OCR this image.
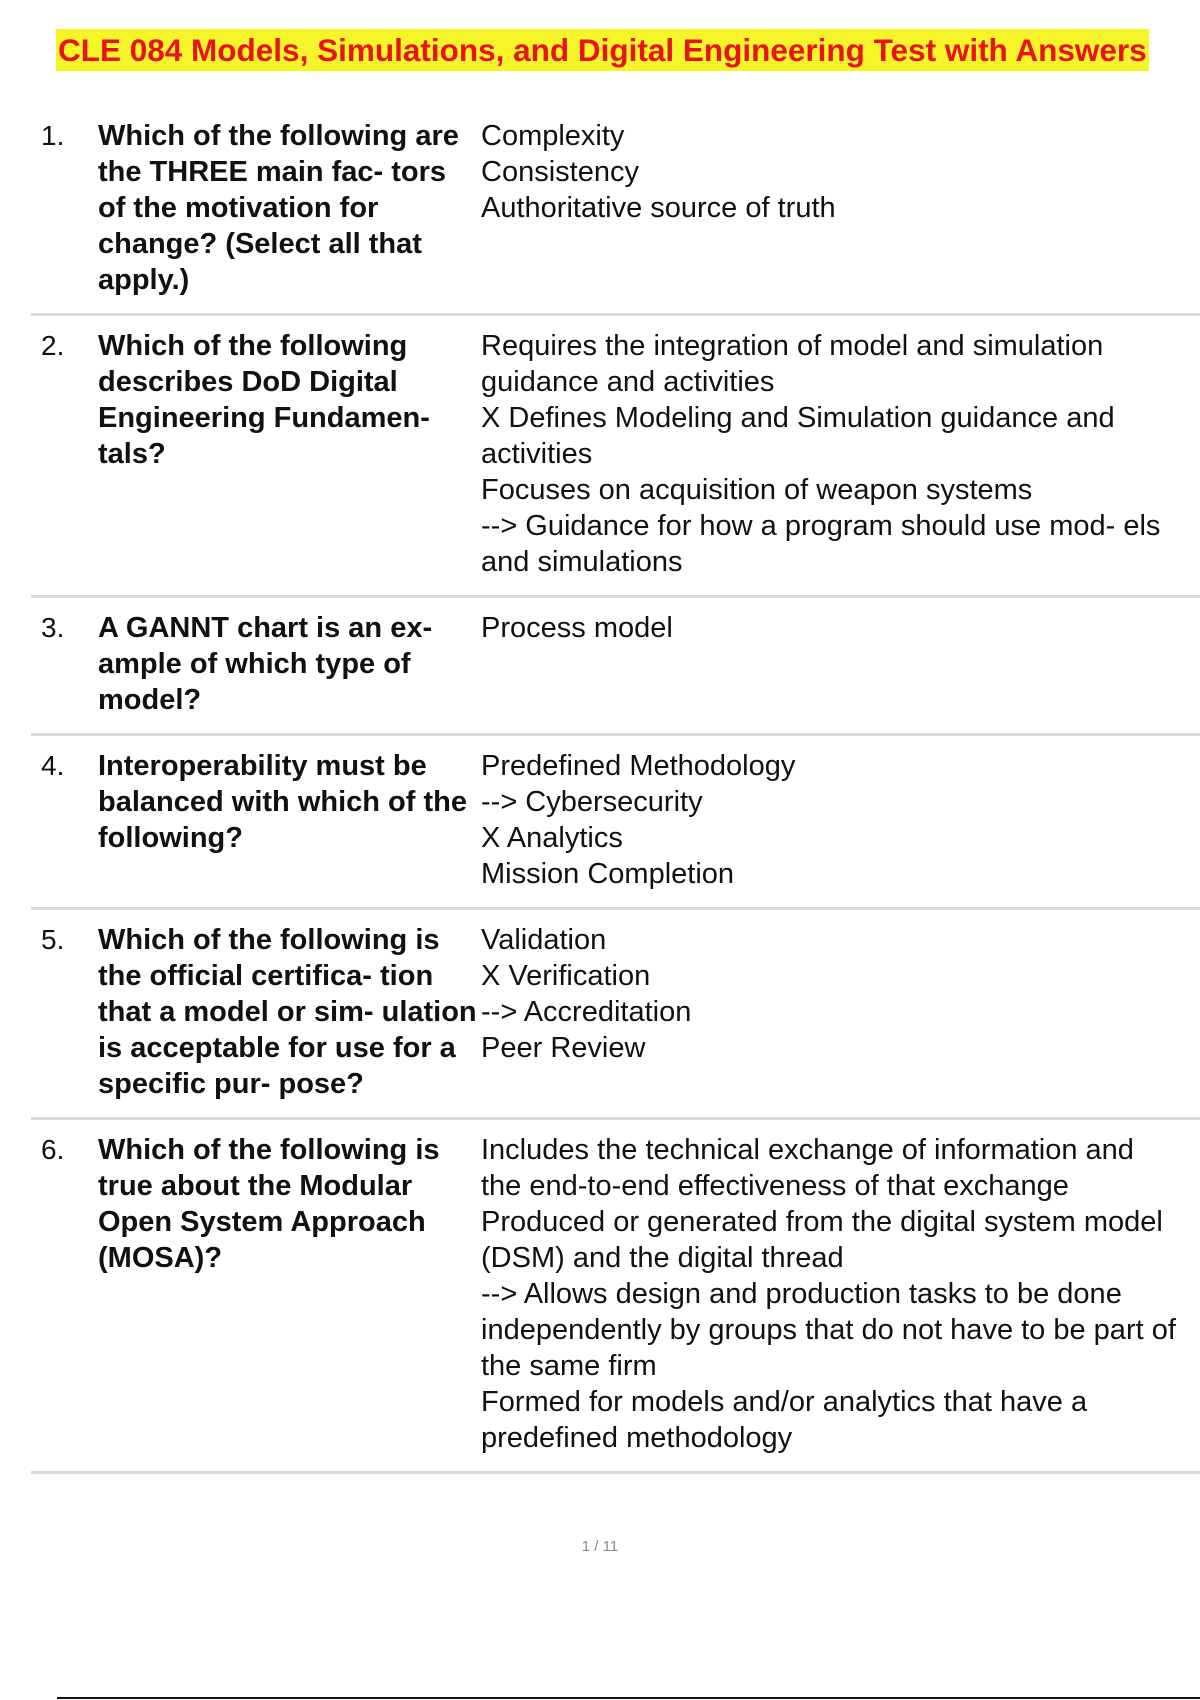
CLE 084 Models, Simulations, and Digital Engineering Test with Answers
1.	Which of the following are the THREE main fac- tors of the motivation for change? (Select all that apply.)
Complexity
Consistency
Authoritative source of truth
2.	Which of the following describes DoD Digital Engineering Fundamen- tals?
Requires the integration of model and simulation guidance and activities
X Defines Modeling and Simulation guidance and activities
Focuses on acquisition of weapon systems
--> Guidance for how a program should use mod- els and simulations
3.	A GANNT chart is an ex- ample of which type of model?
Process model
4.	Interoperability must be balanced with which of the following?
Predefined Methodology
--> Cybersecurity
X Analytics
Mission Completion
5.	Which of the following is the official certifica- tion that a model or sim- ulation is acceptable for use for a specific pur- pose?
Validation
X Verification
--> Accreditation
Peer Review
6.	Which of the following is true about the Modular Open System Approach (MOSA)?
Includes the technical exchange of information and the end-to-end effectiveness of that exchange
Produced or generated from the digital system model (DSM) and the digital thread
--> Allows design and production tasks to be done independently by groups that do not have to be part of the same firm
Formed for models and/or analytics that have a predefined methodology
1 / 11
